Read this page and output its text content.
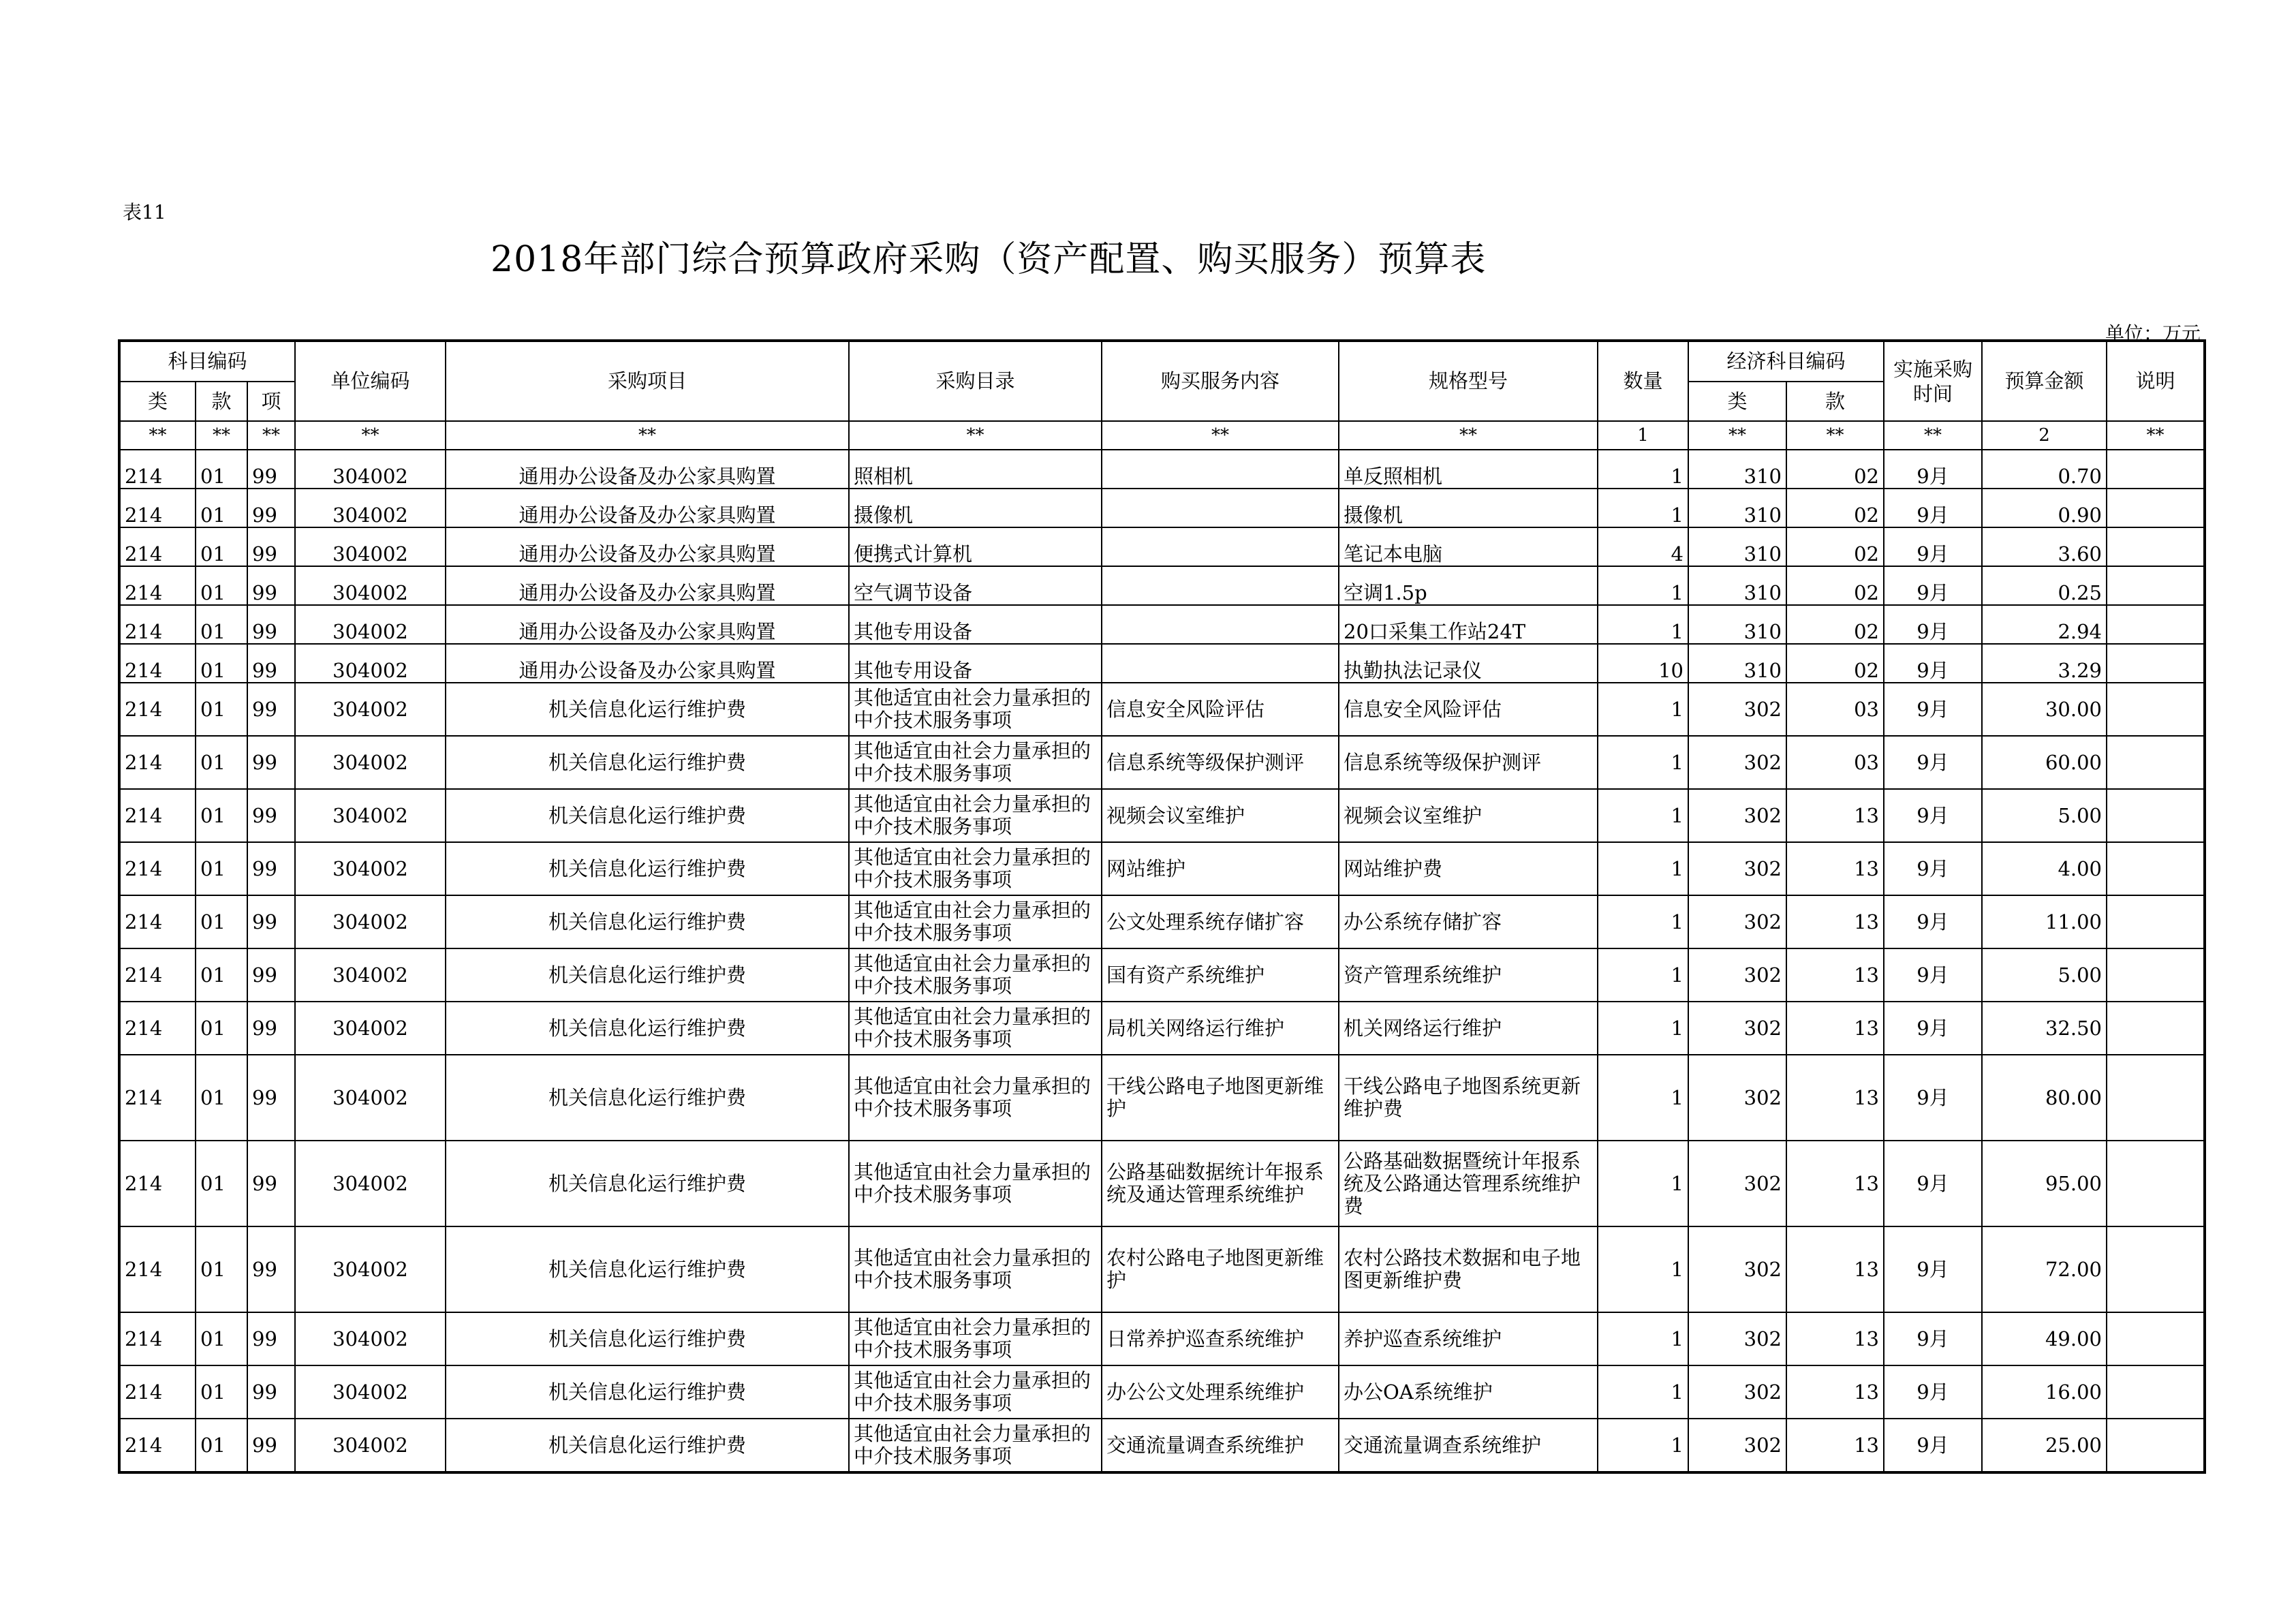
表11
2018年部门综合预算政府采购（资产配置、购买服务）预算表
单位：万元
科目编码			单位编码	采购项目	采购目录	购买服务内容	规格型号	数量	经济科目编码		实施采购时间	预算金额	说明
类	款	项							类	款			
**	**	**	**	**	**	**	**	1	**	**	**	2	**
214	01	99	304002	通用办公设备及办公家具购置	照相机		单反照相机	1	310	02	9月	0.70	
214	01	99	304002	通用办公设备及办公家具购置	摄像机		摄像机	1	310	02	9月	0.90	
214	01	99	304002	通用办公设备及办公家具购置	便携式计算机		笔记本电脑	4	310	02	9月	3.60	
214	01	99	304002	通用办公设备及办公家具购置	空气调节设备		空调1.5p	1	310	02	9月	0.25	
214	01	99	304002	通用办公设备及办公家具购置	其他专用设备		20口采集工作站24T	1	310	02	9月	2.94	
214	01	99	304002	通用办公设备及办公家具购置	其他专用设备		执勤执法记录仪	10	310	02	9月	3.29	
214	01	99	304002	机关信息化运行维护费	其他适宜由社会力量承担的中介技术服务事项	信息安全风险评估	信息安全风险评估	1	302	03	9月	30.00	
214	01	99	304002	机关信息化运行维护费	其他适宜由社会力量承担的中介技术服务事项	信息系统等级保护测评	信息系统等级保护测评	1	302	03	9月	60.00	
214	01	99	304002	机关信息化运行维护费	其他适宜由社会力量承担的中介技术服务事项	视频会议室维护	视频会议室维护	1	302	13	9月	5.00	
214	01	99	304002	机关信息化运行维护费	其他适宜由社会力量承担的中介技术服务事项	网站维护	网站维护费	1	302	13	9月	4.00	
214	01	99	304002	机关信息化运行维护费	其他适宜由社会力量承担的中介技术服务事项	公文处理系统存储扩容	办公系统存储扩容	1	302	13	9月	11.00	
214	01	99	304002	机关信息化运行维护费	其他适宜由社会力量承担的中介技术服务事项	国有资产系统维护	资产管理系统维护	1	302	13	9月	5.00	
214	01	99	304002	机关信息化运行维护费	其他适宜由社会力量承担的中介技术服务事项	局机关网络运行维护	机关网络运行维护	1	302	13	9月	32.50	
214	01	99	304002	机关信息化运行维护费	其他适宜由社会力量承担的中介技术服务事项	干线公路电子地图更新维护	干线公路电子地图系统更新维护费	1	302	13	9月	80.00	
214	01	99	304002	机关信息化运行维护费	其他适宜由社会力量承担的中介技术服务事项	公路基础数据统计年报系统及通达管理系统维护	公路基础数据暨统计年报系统及公路通达管理系统维护费	1	302	13	9月	95.00	
214	01	99	304002	机关信息化运行维护费	其他适宜由社会力量承担的中介技术服务事项	农村公路电子地图更新维护	农村公路技术数据和电子地图更新维护费	1	302	13	9月	72.00	
214	01	99	304002	机关信息化运行维护费	其他适宜由社会力量承担的中介技术服务事项	日常养护巡查系统维护	养护巡查系统维护	1	302	13	9月	49.00	
214	01	99	304002	机关信息化运行维护费	其他适宜由社会力量承担的中介技术服务事项	办公公文处理系统维护	办公OA系统维护	1	302	13	9月	16.00	
214	01	99	304002	机关信息化运行维护费	其他适宜由社会力量承担的中介技术服务事项	交通流量调查系统维护	交通流量调查系统维护	1	302	13	9月	25.00	
